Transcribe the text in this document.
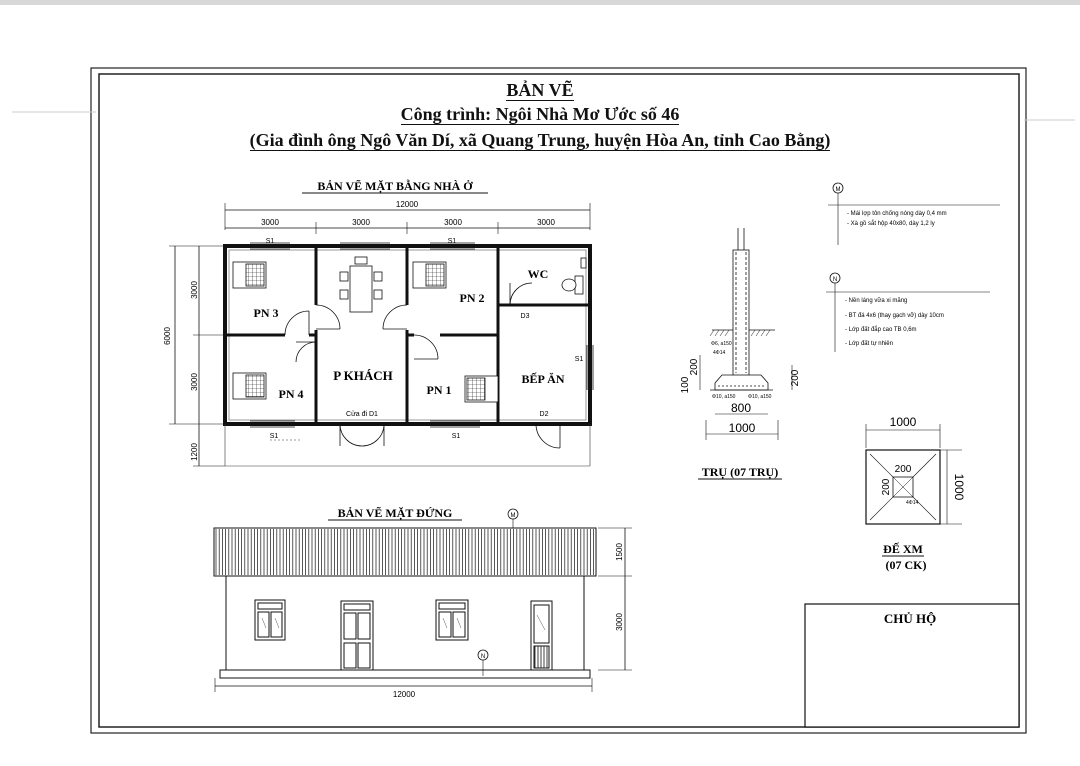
BẢN VẼ
Công trình: Ngôi Nhà Mơ Ước số 46
(Gia đình ông Ngô Văn Dí, xã Quang Trung, huyện Hòa An, tỉnh Cao Bằng)
BẢN VẼ MẶT BẰNG NHÀ Ở
12000
3000	3000	3000	3000
6000
3000
3000
1200
PN 3
PN 2
WC
PN 4
P KHÁCH
PN 1
BẾP ĂN
S1	S1
S1	S1
S1
D2
D3
Cửa đi D1
BẢN VẼ MẶT ĐỨNG	M
N
1500
3000
12000
Φ6, a150
4Φ14
Φ10, a150	Φ10, a150
200
100	200
800
1000
TRỤ (07 TRỤ)
M
- Mái lợp tôn chống nóng dày 0,4 mm
- Xà gồ sắt hộp 40x80, dày 1,2 ly
N
- Nền láng vữa xi măng
- BT đá 4x6 (thay gạch vỡ) dày 10cm
- Lớp đất đắp cao TB 0,6m
- Lớp đất tự nhiên
1000
200
200
4Φ14
1000
ĐẾ XM
(07 CK)
CHỦ HỘ
